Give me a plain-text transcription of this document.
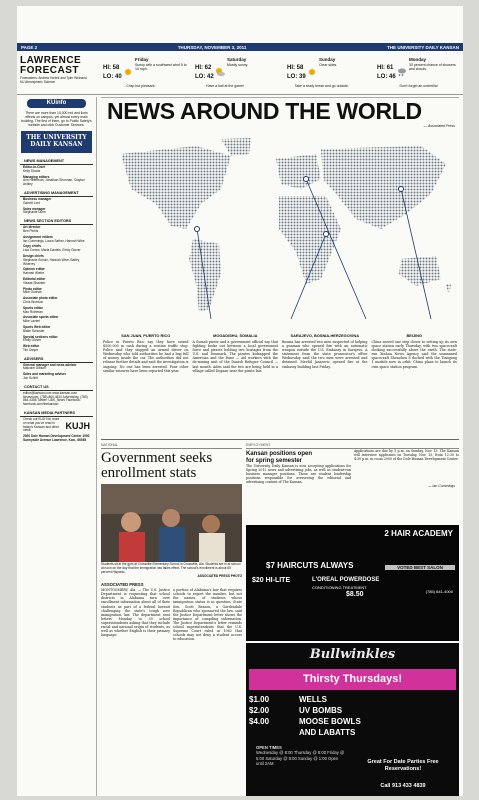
PAGE 2	THURSDAY, NOVEMBER 3, 2011	THE UNIVERSITY DAILY KANSAN
LAWRENCE
FORECAST
Forecasters: Andrew Hodek and Tyler Weinand
KU Atmospheric Science
HI: 58
LO: 40
Friday
Sunny with a southwest wind 5 to 10 mph.	HI: 62
LO: 42
Saturday
Mostly sunny.	HI: 58
LO: 39
Sunday
Clear skies.	HI: 61
LO: 46
Monday
30 percent chance of showers and clouds.
Crisp but pleasant.	Have a ball at the game!	Take a study break and go outside.	Don't forget an umbrella!
KUinfo
There are more than 10,000 red and lions effects on campus, yet almost every main building. The first of them, go to Public Safety's website and click Customer Services.
THE UNIVERSITY
DAILY KANSAN
NEWS MANAGEMENT
Editor-in-Chief
Kelly Stroda
Managing editors
Ann Heffernan, Jonathan Shorman, Clayton Ashley
ADVERTISING MANAGEMENT
Business manager
Garrett Lent
Sales manager
Stephanie Dunn
NEWS SECTION EDITORS
Art director
Ben Pirrilis
Assignment editors
Ian Cummings, Laura Sather, Hannah Wise
Copy chiefs
Lisa Curran, Marla Daniels, Emily Glover
Design chiefs
Stephanie Schulz, Hannah Wise, Bailey Wherrey
Opinion editor
Hannah Wiebe
Editorial editor
Vikaas Shanker
Photo editor
Mike Gunnoe
Associate photo editor
Chris Bronson
Sports editor
Max Rothman
Associate sports editor
Mike Lavieri
Sports Web editor
Blake Schuster
Special sections editor
Emily Glover
Web editor
Tim Dwyer
ADVISERS
General manager and news adviser
Malcolm Gibson
Sales and marketing adviser
Jon Schlitt
CONTACT US
editor@kansan.com www.kansan.com Newsroom: (785)-864-4810 Advertising: (785) 864-4358 Twitter: UDK_News Facebook: facebook.com/thekansan
KANSAN MEDIA PARTNERS
Check out KUJH for more on what you've read in today's Kansan and other news.	KUJH
2000 Dole Human Development Center 1000 Sunnyside Avenue Lawrence, Kan., 66045
NEWS AROUND THE WORLD
— Associated Press
SAN JUAN, PUERTO RICO

Police in Puerto Rico say they have seized $500,000 in cash during a routine traffic stop. Police said they stopped an armed driver on Wednesday who told authorities he had a bag full of money inside the car. The authorities did not release further details and said the investigation is ongoing. No one has been arrested. Four other similar seizures have been reported this year.

MOGADISHU, SOMALIA

A Somali pirate and a government official say that fighting broke out between a local government force and pirates holding two hostages from the U.S. and Denmark. The pirates kidnapped the American and the Dane — aid workers with the de-mining unit of the Danish Refugee Council — last month. Aden said the two are being held in a village called Degaan near the pirate lair.

SARAJEVO, BOSNIA-HERZEGOVINA

Bosnia has arrested two men suspected of helping a gunman who opened fire with an automatic weapon outside the U.S. Embassy in Sarajevo. A statement from the state prosecutor's office Wednesday said the two men were arrested and detained. Mevlid Jasarevic opened fire at the embassy building last Friday.

BEIJING

China moved one step closer to setting up its own space station early Thursday, with two spacecraft docking successfully above the earth. The state-run Xinhua News Agency said the unmanned spacecraft Shenzhou 8 docked with the Tiangong 1 module now in orbit. China plans to launch its own space station program.

NATIONAL
Government seeks enrollment stats
Students sit at the gym at Crossville Elementary School in Crossville, Ala. Students are in at school at noon on the day that the immigration law takes effect. The school's enrollment is about 65 percent Hispanic.
ASSOCIATED PRESS PHOTO
ASSOCIATED PRESS

MONTGOMERY, Ala. — The U.S. Justice Department is requesting that school districts in Alabama turn over enrollment information about all of their students as part of a federal lawsuit challenging the state's tough new immigration law. The department sent letters Monday to 39 school superintendents asking that they include racial and national origin of students, as well as whether English is their primary language.

a portion of Alabama's law that requires schools to report the number, but not the names, of students whose immigration status is in question. State Sen. Scott Beason, a Gardendale Republican who sponsored the law, said the Justice Department letter shows the importance of compiling information. The Justice Department's letter reminds school superintendents that the U.S. Supreme Court ruled in 1982 that schools may not deny a student access to education.

EMPLOYMENT
Kansan positions open for spring semester

The University Daily Kansan is now accepting applications for Spring 2012 news and advertising jobs, as well as student-run business manager positions. Those are student leadership positions responsible for overseeing the editorial and advertising content of The Kansan.

Applications are due by 5 p.m. on Sunday, Nov. 13. The Kansan will interview applicants on Tuesday, Nov. 15, from 12:30 to 4:30 p.m. in room 2000 of the Dole Human Development Center.

— Ian Cummings
2 HAIR ACADEMY
VOTED BEST SALON
$7 HAIRCUTS ALWAYS
$20 HI-LITE	L'OREAL POWERDOSE
CONDITIONING TREATMENT
$8.50	(785) 841-4000
Bullwinkles
Thirsty Thursdays!
$1.00	WELLS
$2.00	UV BOMBS
$4.00	MOOSE BOWLS
AND LABATTS
OPEN TIMES
Wednesday @ 8:00 Thursday @ 8:00 Friday @ 5:00 Saturday @ 8:00 Sunday @ 1:00 Open until 2AM	Great For Date Parties Free Reservations!
Call 913 433 4839
